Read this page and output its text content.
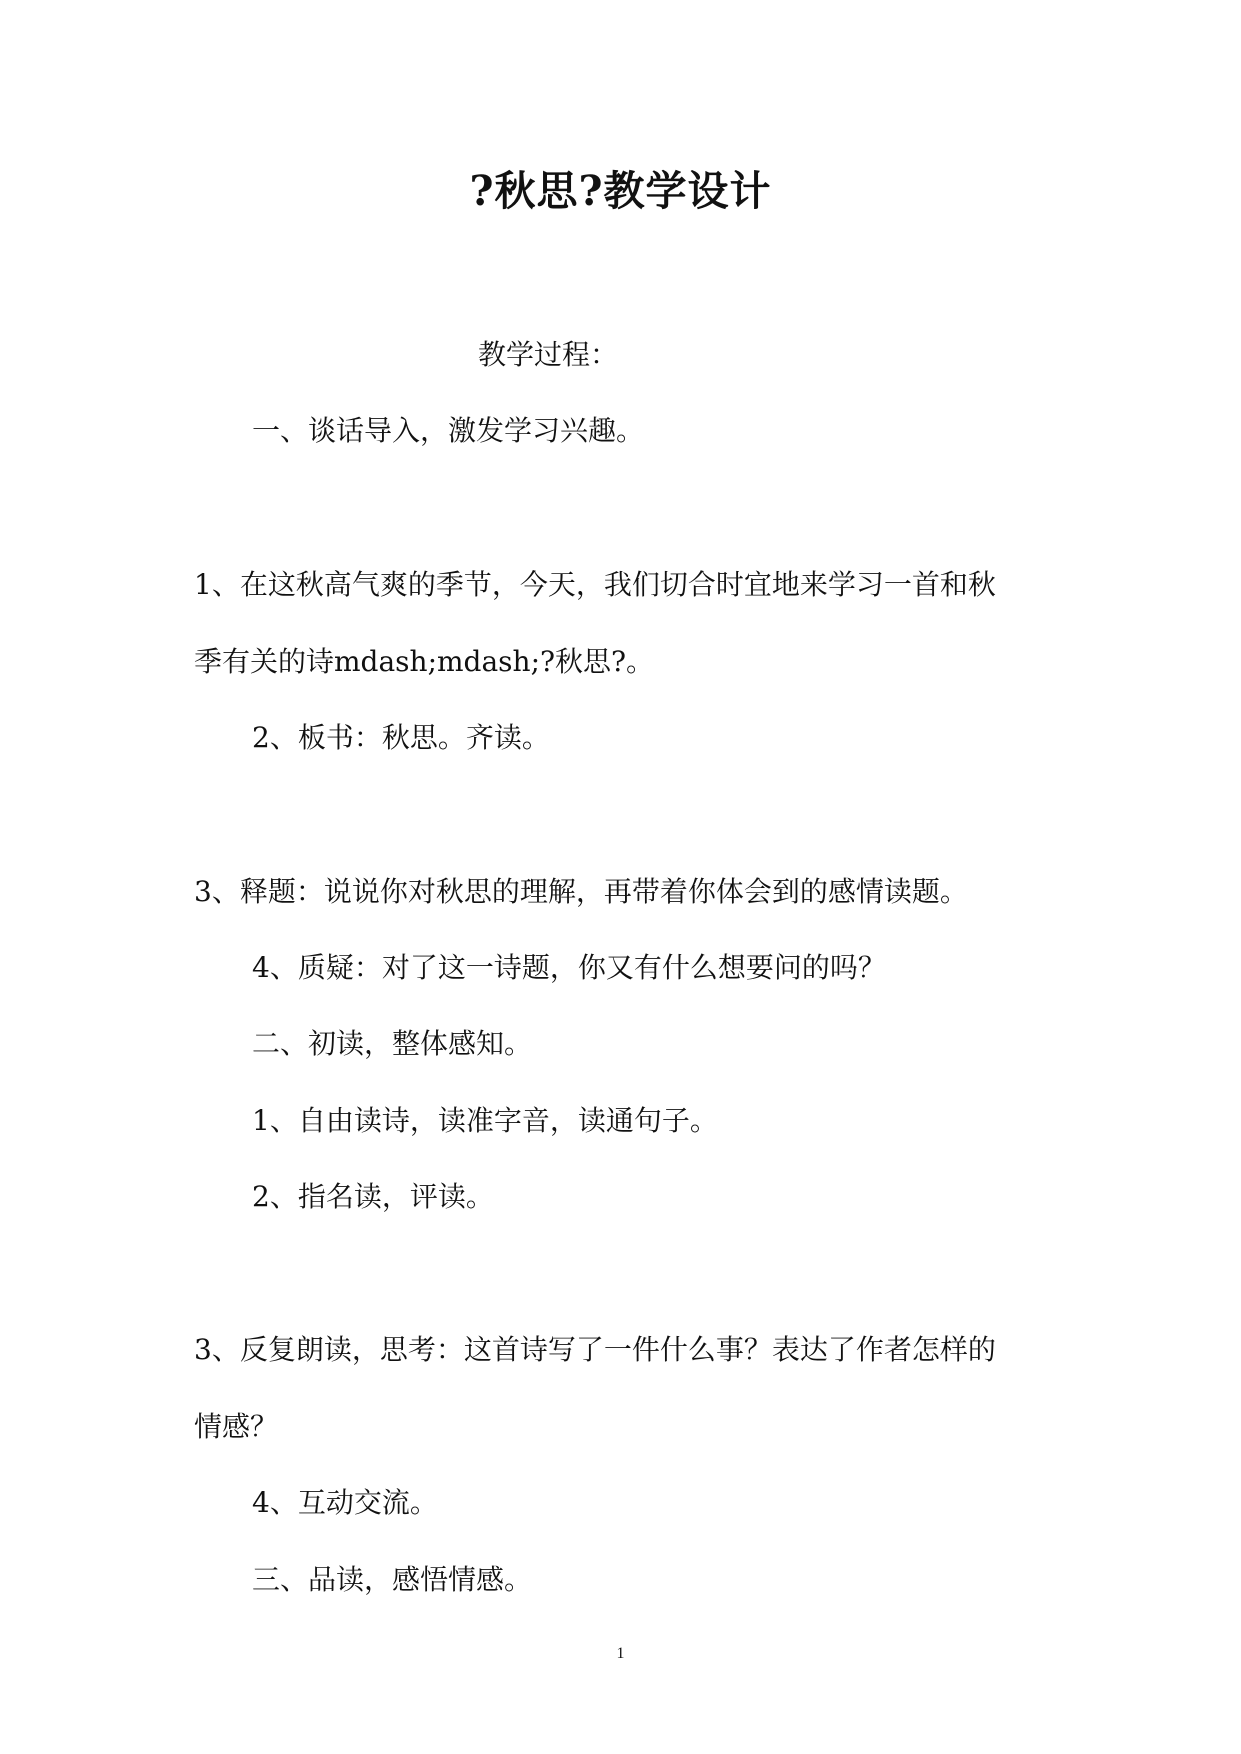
?秋思?教学设计
教学过程：
一、谈话导入，激发学习兴趣。
1、在这秋高气爽的季节，今天，我们切合时宜地来学习一首和秋
季有关的诗mdash;mdash;?秋思?。
2、板书：秋思。齐读。
3、释题：说说你对秋思的理解，再带着你体会到的感情读题。
4、质疑：对了这一诗题，你又有什么想要问的吗？
二、初读，整体感知。
1、自由读诗，读准字音，读通句子。
2、指名读，评读。
3、反复朗读，思考：这首诗写了一件什么事？表达了作者怎样的
情感？
4、互动交流。
三、品读，感悟情感。
1
